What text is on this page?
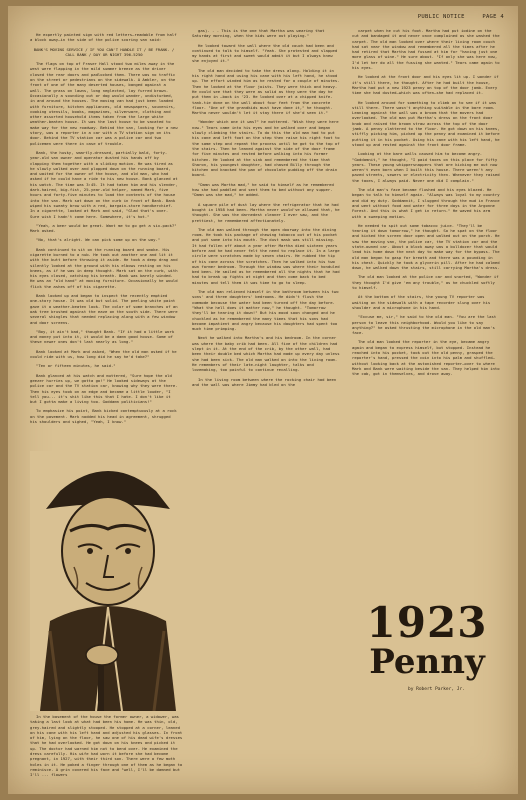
PUBLIC NOTICE	PAGE 4

He expertly painted sign with red letters—readable from half a block away—in the side of the police scoring van said:

BANK'S MOVING SERVICE / IF YOU CAN'T HANDLE IT / BE FRANK. / CALL BANK / DAY OR NIGHT 396-5250

The flags on top of Fraser Hall stood two miles away in the west were flapping in the mild summer breeze as the driver closed the rear doors and padlocked them. There was no traffic on the street or pedestrians on the sidewalk. A Ambler, on the front of one of the many deserted houses, banged against a wall. The grass on lawns, long neglected, lay furred brown. Occasionally a sounding out or dog would wander, undisturbed, in and around the houses. The moving van had just been loaded with furniture, kitchen appliances, old newspapers, souvenirs, cooking utensils, books, magazines, silverware, clothing and other assorted household items taken from the large white weather-beaten house. It was the last house to be vacated to make way for the new roadway. Behind the van, looking for a new story, was a reporter in a car with a TV station sign on its door. Behind the TV station car was a police car and two policemen were there in case of trouble.

Bank, the husky, smartly-dressed, partially bald, forty-year-old van owner and operator dusted his hands off by clapping them together with a sliding motion. He was tired as he slowly walked over and plopped down on the running board, and waited for the owner of the house, and old man, who had asked if he could have a ride to his new house. Bank glanced at his watch. The time was 3:45. It had taken him and his slender, dark-haired, big-fist, 25-year-old helper, named Mark, five hours and forty-five minutes to load the contents of the house into the van. Mark sat down on the curb in front of Bank. Bank wiped his sweaty brow with a red, bargain-store handkerchief. In a cigarette, looked at Mark and said, "Glad that's over. Sure wish I hadn't come here. Somewhere, it's hot."

"Yeah, a beer would be great. Want me to go get a six-pack?" Mark asked.

"No, that's alright. We can pick some up on the way."

Bank continued to sit on the running board and smoke. His cigarette burned to a nub. He took out another one and lit it with the butt before throwing it aside. He took a deep drag and silently looked at the ground with his elbows resting on his knees, as if he was in deep thought. Mark sat on the curb, with his eyes closed, catching his breath. Bank was barely winded. He was an "old hand" at moving furniture. Occasionally he would flick the ashes off of his cigarette.

Bank looked up and began to inspect the recently emptied one-story house. It was old but solid. The peeling white paint gave it a weather-beaten look. The color of some branches of an oak tree brushed against the eave on the south side. There were several shingles that needed replacing along with a few window and door screens.

"Boy, it ain't bad," thought Bank. "If it had a little work and money put into it, it would be a damn good house. Some of these newer ones don't last nearly as long."

Bank looked at Mark and asked, "When the old man asked if he could ride with us, how long did he say he'd take?"

"Ten or fifteen minutes, he said."

Bank glanced at his watch and muttered, "Sure hope the old geezer hurries up, we gotta go!" He looked sideways at the police car and the TV station car, knowing why they were there. Then his eyes took on an edge and became a little louder, "I tell you... it's shit like this that I hate. I don't like it but I gotta make a living too. Goddamn politicians!"

To emphasize his point, Bank kicked contemptuously at a rock on the pavement. Mark nodded his head in agreement, shrugged his shoulders and sighed, "Yeah, I know."

In the basement of the house the former owner, a widower, was taking a last look at what had been his home. He was thin, old, grey-haired and slightly stooped. He stopped at a corner, leaned on his cane with his left hand and adjusted his glasses. In front of him, lying on the floor, he saw one of his dead wife's dresses that he had overlooked. He got down on his knees and picked it up. The doctor had warned him not to bend over. He examined the dress carefully. His wife had worn it before she had become pregnant, in 1927, with their third son. There were a few moth holes in it. He poked a finger through one of them as he began to reminisce. A grin covered his face and "well, I'll be damned but I'll ... flowers

gas). . . This is the one that Martha was wearing that Saturday morning, when the kids were out playing."

He looked toward the wall where the old couch had been and continued to talk to himself. "Yeah. She protested and slapped my hands at first and sweet would admit it but I always knew she enjoyed it."

The old man decided to take the dress along. Holding it in his right hand and using his cane with his left hand, he stood up. The effort winded him as he rested for a couple of minutes. Then he looked at the floor joists. They were thick and heavy. He could see that they were as solid as they were the day he put them in —back in '23. He looked over at a chipped knife-tank-tie done on the wall about four feet from the concrete floor. "One of the grandkids must have done it," he thought. Martha never wouldn't let it stay there if she'd seen it."

"Wonder which one it was?" he muttered. "Wish they were here now." Tears came into his eyes and he walked over and began slowly climbing the stairs. To do this the old man had to put his cane and left foot on the step then raise his right foot to the same step and repeat the process until he got to the top of the stairs. Then he leaned against the side of the door frame for five minutes and rested before walking into his former kitchen. He looked at the sink and remembered the time that Sharon, his youngest daughter, had chased Billy through the kitchen and knocked the pan of chocolate pudding off the drain board.

"Damn was Martha mad," he said to himself as he remembered how she had paddled and sent them to bed without any supper. "Damn was she mad," he added.

A square pile of dust lay where the refrigerator that he had bought in 1958 had been. Martha never would've allowed that, he thought. She was the darnedest cleaner I ever saw, and the prettiest, he remembered affectionately.

The old man walked through the open doorway into the dining room. He took his package of chewing tobacco out of his pocket and put some into his mouth. The dust mask was still missing. It had fallen off about a year after Martha died sixteen years before and he had never felt the need to replace it. In a large circle were scratches made by seven chairs. He rubbed the tip of his cane across the scratches. Then he walked into his two own former bedroom. Through the window was where their honduled bed been. He smiled as he remembered all the nights that he had had to break up fights at night and then come back to bed minutes and tell them it was time to go to sleep.

The old man relieved himself in the bathroom between his two sons' and three daughters' bedrooms. He didn't flush the commode because the water had been turned off the day before. "What the hell does it matter now," he thought. "Tomorrow they'll be tearing it down!" But his mood soon changed and he chuckled as he remembered the many times that his sons had become impatient and angry because his daughters had spent too much time primping.

Next he walked into Martha's and his bedroom. In the corner was where the baby crib had been. All five of the children had slept in it. At the end of the crib, by the other wall, had been their double bed which Martha had made up every day unless she had been sick. The old man walked on into the living room. He remembers of their late-night laughter, talks and lovemaking, too painful to continue recalling.

In the living room between where the rocking chair had been and the wall was where Jimmy had bled on the

carpet when he cut his foot. Martha had put iodine on the cut and bandaged it and never once complained as she washed the carpet. The old man looked over where their living room couch had sat near the window and remembered all the times after he had retired that Martha had fussed at him for "having just one more glass of wine." He sure about. "If only she was here now, I'd let her do all the fussing she wanted." Tears came again to his eyes.

He looked at the front door and his eyes lit up. I wonder if it's still there, he thought. After he had built the house, Martha had put a new 1923 penny on top of the door jamb. Every time she had dusted—which was often—she had replaced it.

He looked around for something to climb on to see if it was still there. There wasn't anything suitable in the bare room. Leaning against the wall was a broom that the movers had overlooked. The old man put Martha's dress on the front door knob and raised the broom straw across the top of the door jamb. A penny clattered to the floor. He got down on his knees, stiffly picking him, picked up the penny and examined it before putting it in his pocket. Using his cane with his left hand, he stood up and rested against the front door frame.

Looking at the bare walls caused him to become angry. "Goddamnit," he thought, "I paid taxes on this place for fifty years. These young whippersnappers that are kicking me out now weren't even born when I built this house. There weren't any paved streets, sewers or electricity then. Whenever they raised the taxes, I always paid. Never one did I complain."

The old man's face became flushed and his eyes blazed. He began to talk to himself again. "Always was loyal to my country and did my duty. Goddamnit, I slugged through the mud in France and went without food and water for three days in the Argonne Forest. And this is what I get in return." He waved his arm with a sweeping motion.

He needed to spit out some tobacco juice. "They'll be tearing it down tomorrow," he thought. So he spat on the floor and kicked the screen door open and walked out on the porch. He saw the moving van, the police car, the TV station car and the state-owned car. About a block away was a bulldozer that would lead his home down the next day to make way for the bypass. The old man began to gasp for breath and there was a pounding in his chest. Quickly he took a glycerin pill. After he had calmed down, he walked down the stairs, still carrying Martha's dress.

The old man looked at the police car and snorted, "Wonder if they thought I'd give 'em any trouble," as he chuckled softly to himself.

At the bottom of the stairs, the young TV reporter was waiting on the sidewalk with a tape recorder slung over his shoulder and a microphone in his hand.

"Excuse me, sir," he said to the old man. "You are the last person to leave this neighborhood. Would you like to say anything?" he asked thrusting the microphone in the old man's face.

The old man looked the reporter in the eye, became angry again and began to express himself, but stopped. Instead he reached into his pocket, took out the old penny, grasped the reporter's hand, pressed the coin into his palm and shuffled—without looking back at the astonished reporter—over to where Mark and Bank were waiting beside the van. They helped him into the cab, got in themselves, and drove away.

1923
Penny
by Robert Parker, Jr.
